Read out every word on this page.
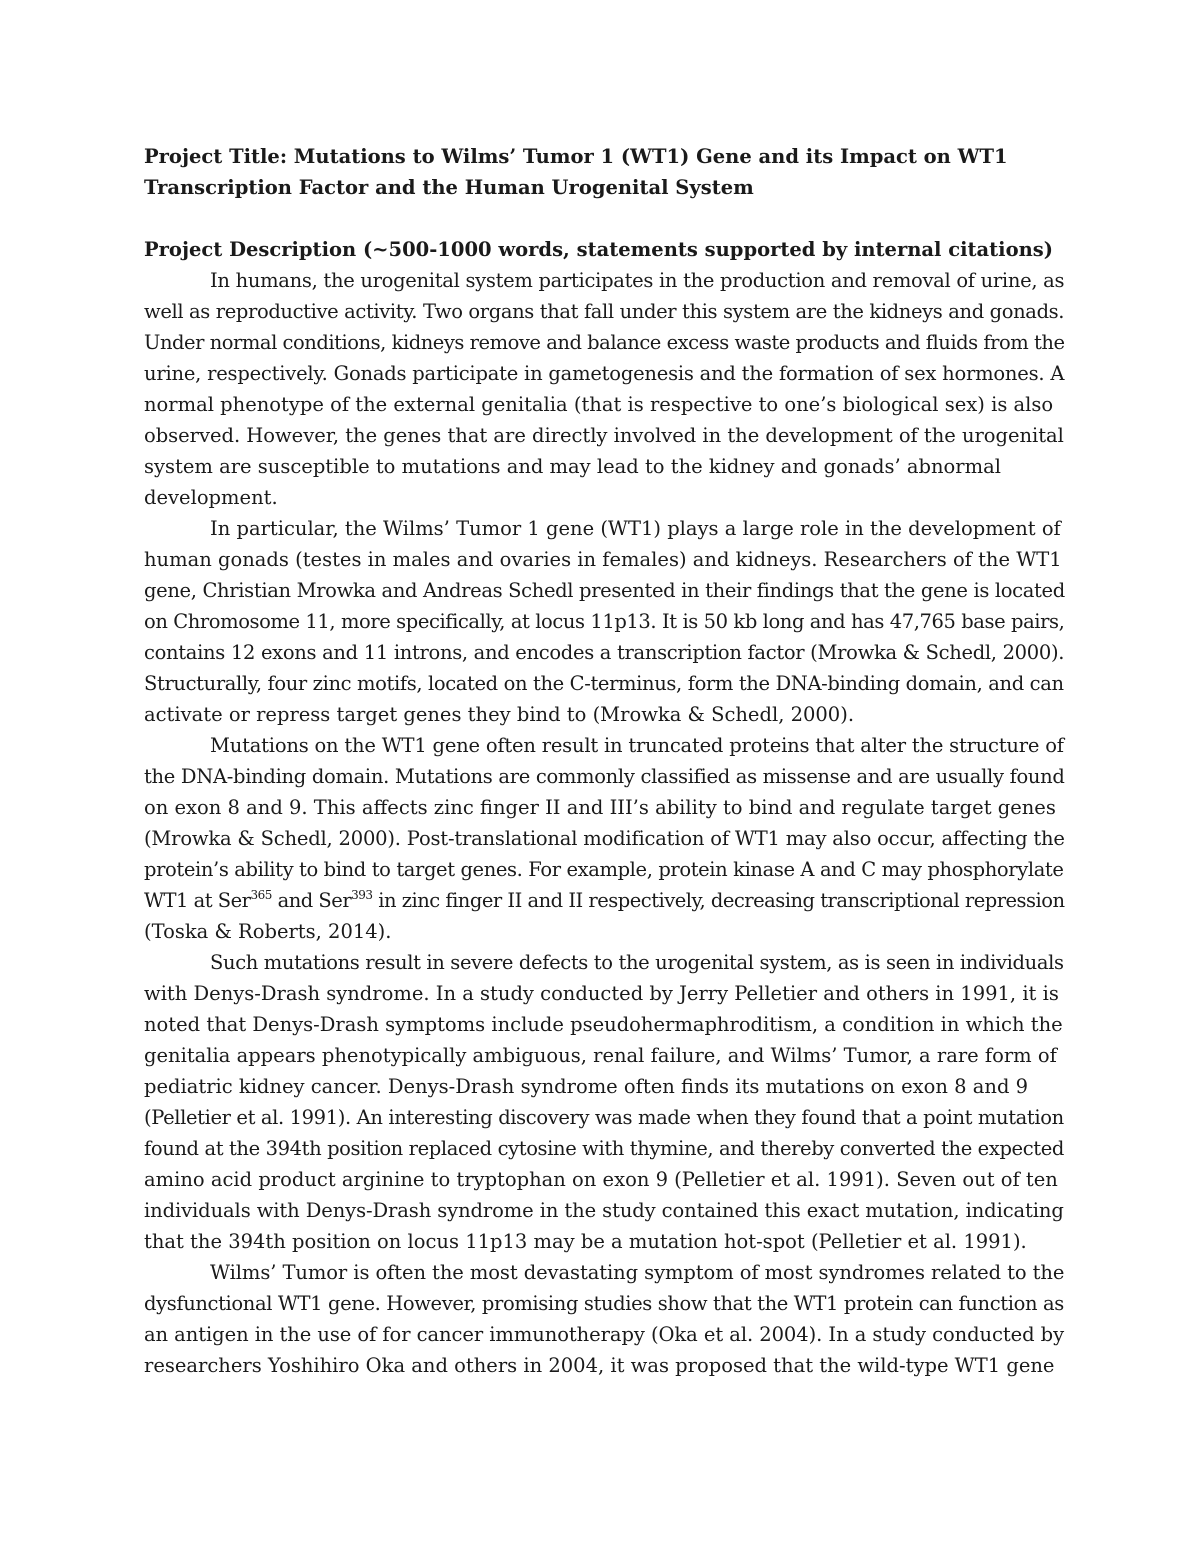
Project Title: Mutations to Wilms’ Tumor 1 (WT1) Gene and its Impact on WT1
Transcription Factor and the Human Urogenital System
Project Description (~500-1000 words, statements supported by internal citations)
In humans, the urogenital system participates in the production and removal of urine, as
well as reproductive activity. Two organs that fall under this system are the kidneys and gonads.
Under normal conditions, kidneys remove and balance excess waste products and fluids from the
urine, respectively. Gonads participate in gametogenesis and the formation of sex hormones. A
normal phenotype of the external genitalia (that is respective to one’s biological sex) is also
observed. However, the genes that are directly involved in the development of the urogenital
system are susceptible to mutations and may lead to the kidney and gonads’ abnormal
development.
In particular, the Wilms’ Tumor 1 gene (WT1) plays a large role in the development of
human gonads (testes in males and ovaries in females) and kidneys. Researchers of the WT1
gene, Christian Mrowka and Andreas Schedl presented in their findings that the gene is located
on Chromosome 11, more specifically, at locus 11p13. It is 50 kb long and has 47,765 base pairs,
contains 12 exons and 11 introns, and encodes a transcription factor (Mrowka & Schedl, 2000).
Structurally, four zinc motifs, located on the C-terminus, form the DNA-binding domain, and can
activate or repress target genes they bind to (Mrowka & Schedl, 2000).
Mutations on the WT1 gene often result in truncated proteins that alter the structure of
the DNA-binding domain. Mutations are commonly classified as missense and are usually found
on exon 8 and 9. This affects zinc finger II and III’s ability to bind and regulate target genes
(Mrowka & Schedl, 2000). Post-translational modification of WT1 may also occur, affecting the
protein’s ability to bind to target genes. For example, protein kinase A and C may phosphorylate
WT1 at Ser$^{365}$ and Ser$^{393}$ in zinc finger II and II respectively, decreasing transcriptional repression
(Toska & Roberts, 2014).
Such mutations result in severe defects to the urogenital system, as is seen in individuals
with Denys-Drash syndrome. In a study conducted by Jerry Pelletier and others in 1991, it is
noted that Denys-Drash symptoms include pseudohermaphroditism, a condition in which the
genitalia appears phenotypically ambiguous, renal failure, and Wilms’ Tumor, a rare form of
pediatric kidney cancer. Denys-Drash syndrome often finds its mutations on exon 8 and 9
(Pelletier et al. 1991). An interesting discovery was made when they found that a point mutation
found at the 394th position replaced cytosine with thymine, and thereby converted the expected
amino acid product arginine to tryptophan on exon 9 (Pelletier et al. 1991). Seven out of ten
individuals with Denys-Drash syndrome in the study contained this exact mutation, indicating
that the 394th position on locus 11p13 may be a mutation hot-spot (Pelletier et al. 1991).
Wilms’ Tumor is often the most devastating symptom of most syndromes related to the
dysfunctional WT1 gene. However, promising studies show that the WT1 protein can function as
an antigen in the use of for cancer immunotherapy (Oka et al. 2004). In a study conducted by
researchers Yoshihiro Oka and others in 2004, it was proposed that the wild-type WT1 gene
